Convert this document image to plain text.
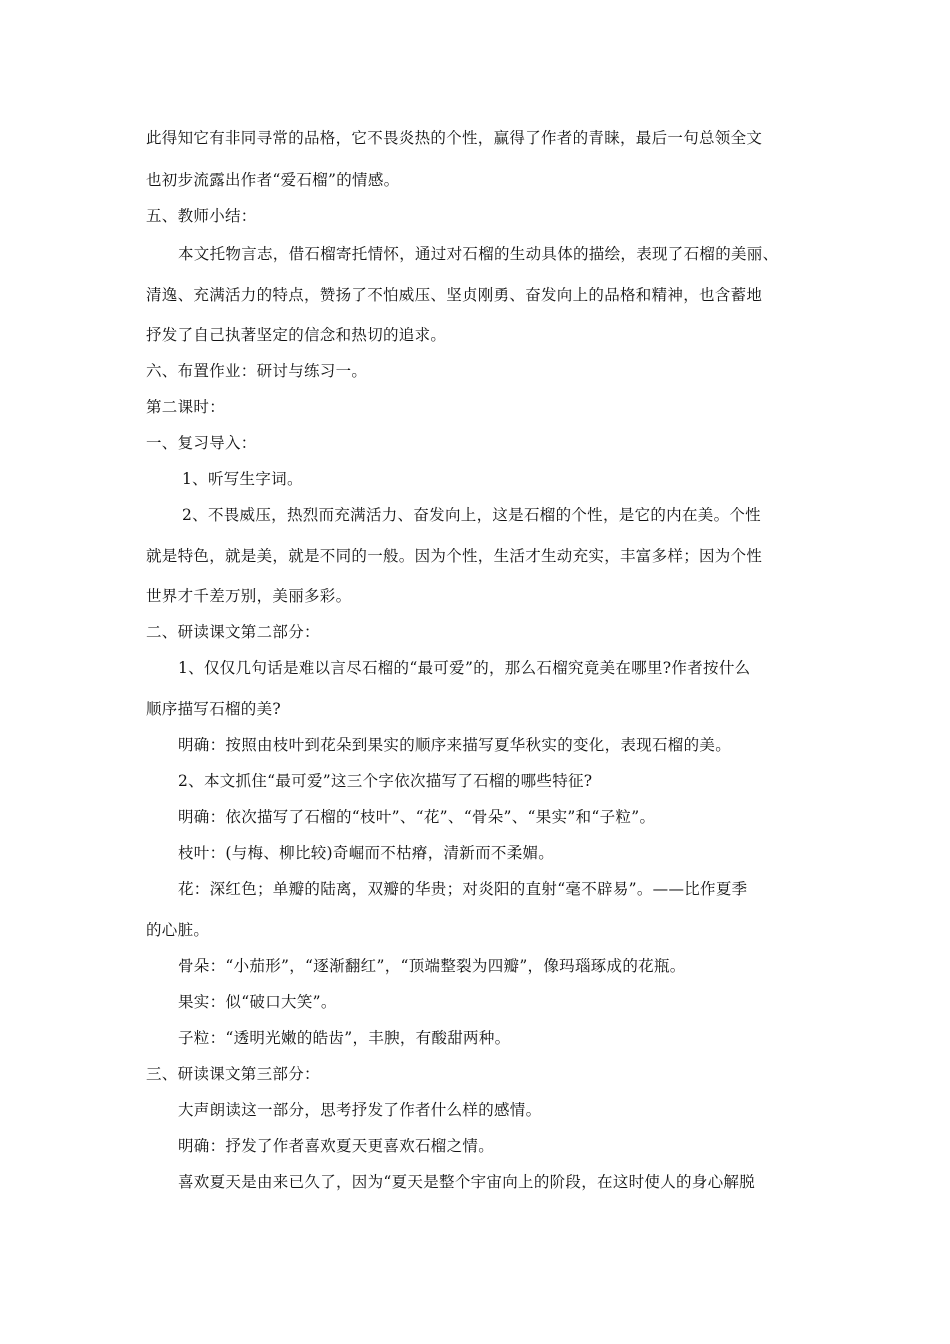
此得知它有非同寻常的品格，它不畏炎热的个性，赢得了作者的青睐，最后一句总领全文
也初步流露出作者“爱石榴”的情感。
五、教师小结：
本文托物言志，借石榴寄托情怀，通过对石榴的生动具体的描绘，表现了石榴的美丽、
清逸、充满活力的特点，赞扬了不怕威压、坚贞刚勇、奋发向上的品格和精神，也含蓄地
抒发了自己执著坚定的信念和热切的追求。
六、布置作业：研讨与练习一。
第二课时：
一、复习导入：
1、听写生字词。
2、不畏威压，热烈而充满活力、奋发向上，这是石榴的个性，是它的内在美。个性
就是特色，就是美，就是不同的一般。因为个性，生活才生动充实，丰富多样；因为个性
世界才千差万别，美丽多彩。
二、研读课文第二部分：
1、仅仅几句话是难以言尽石榴的“最可爱”的，那么石榴究竟美在哪里?作者按什么
顺序描写石榴的美?
明确：按照由枝叶到花朵到果实的顺序来描写夏华秋实的变化，表现石榴的美。
2、本文抓住“最可爱”这三个字依次描写了石榴的哪些特征?
明确：依次描写了石榴的“枝叶”、“花”、“骨朵”、“果实”和“子粒”。
枝叶：(与梅、柳比较)奇崛而不枯瘠，清新而不柔媚。
花：深红色；单瓣的陆离，双瓣的华贵；对炎阳的直射“毫不辟易”。——比作夏季
的心脏。
骨朵：“小茄形”，“逐渐翻红”，“顶端整裂为四瓣”，像玛瑙琢成的花瓶。
果实：似“破口大笑”。
子粒：“透明光嫩的皓齿”，丰腴，有酸甜两种。
三、研读课文第三部分：
大声朗读这一部分，思考抒发了作者什么样的感情。
明确：抒发了作者喜欢夏天更喜欢石榴之情。
喜欢夏天是由来已久了，因为“夏天是整个宇宙向上的阶段，在这时使人的身心解脱
